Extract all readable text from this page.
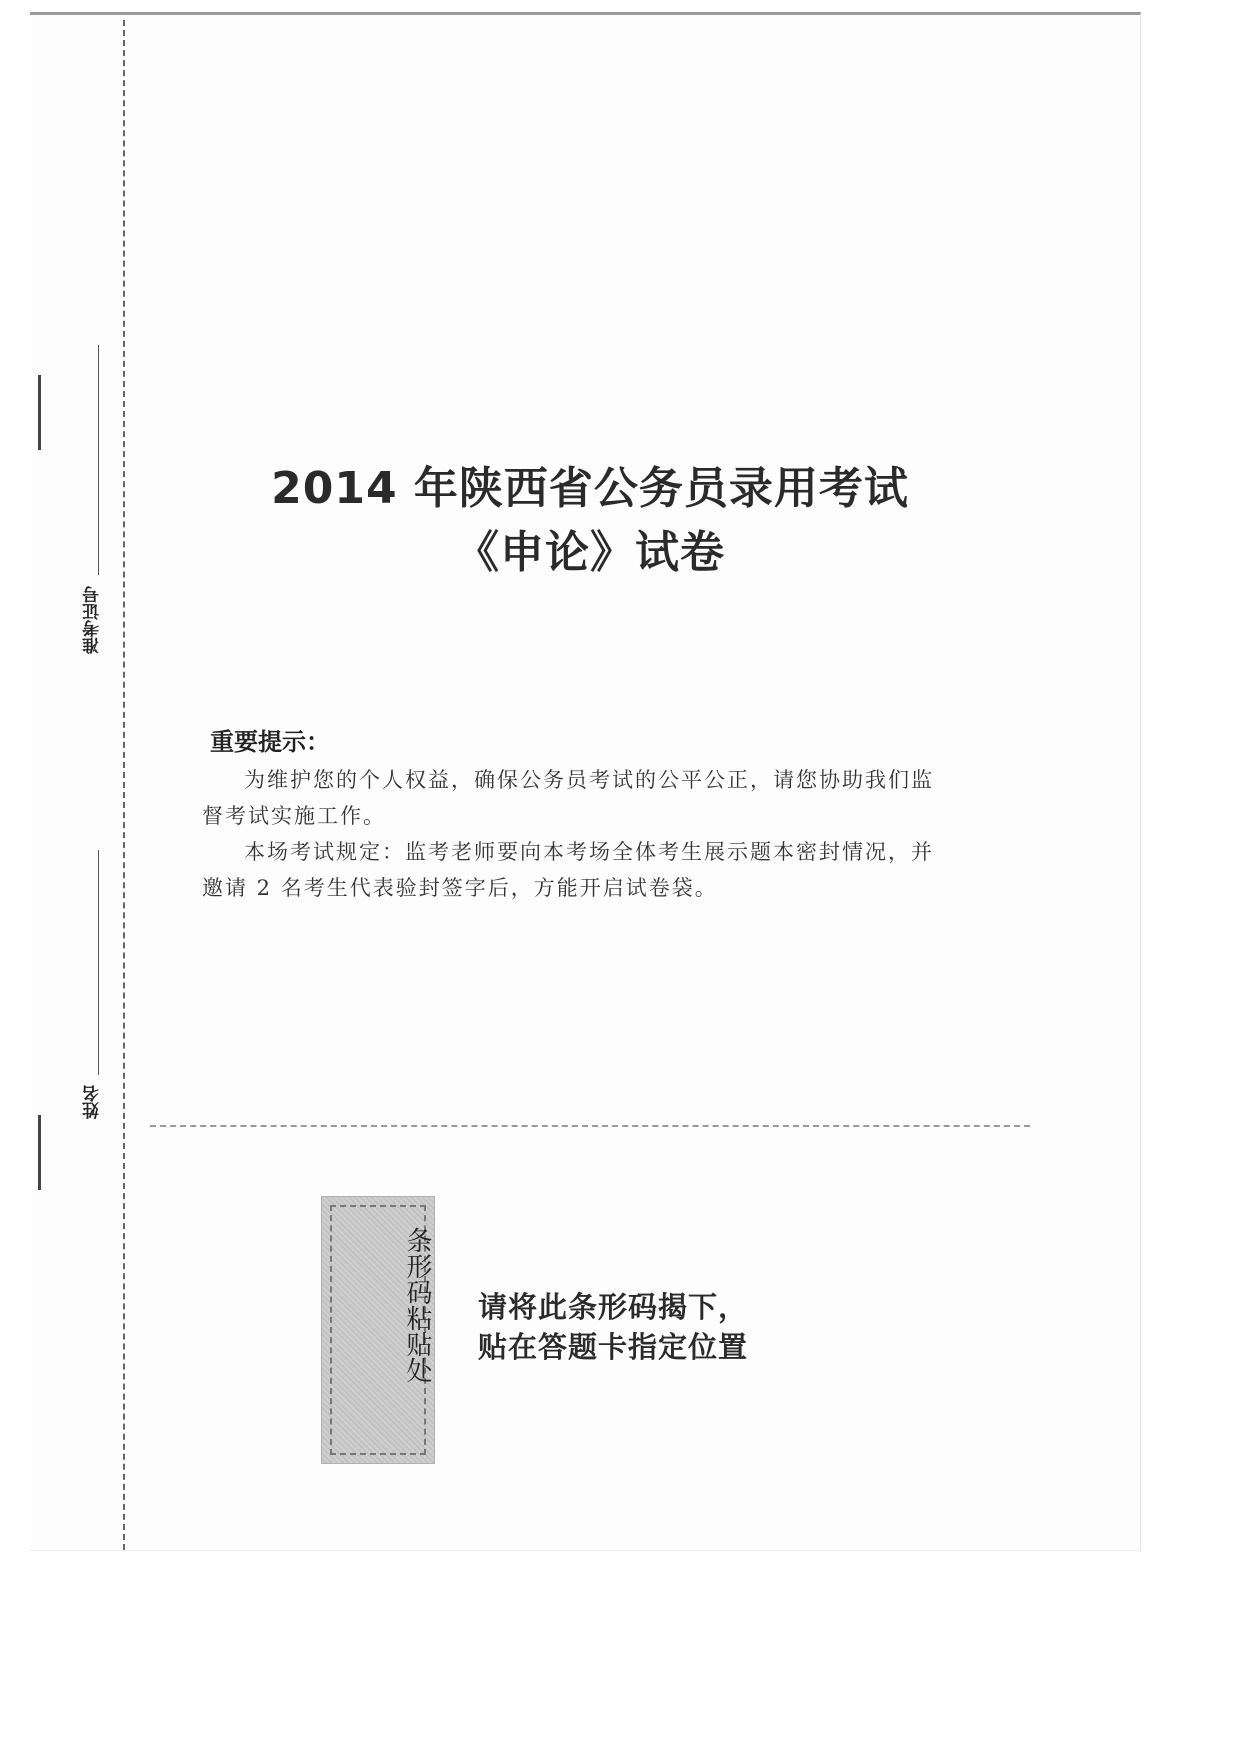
准考证号
姓名
2014 年陕西省公务员录用考试
《申论》试卷
重要提示：
为维护您的个人权益，确保公务员考试的公平公正，请您协助我们监
督考试实施工作。
本场考试规定：监考老师要向本考场全体考生展示题本密封情况，并
邀请 2 名考生代表验封签字后，方能开启试卷袋。
条形码粘贴处 请将此条形码揭下，
贴在答题卡指定位置
